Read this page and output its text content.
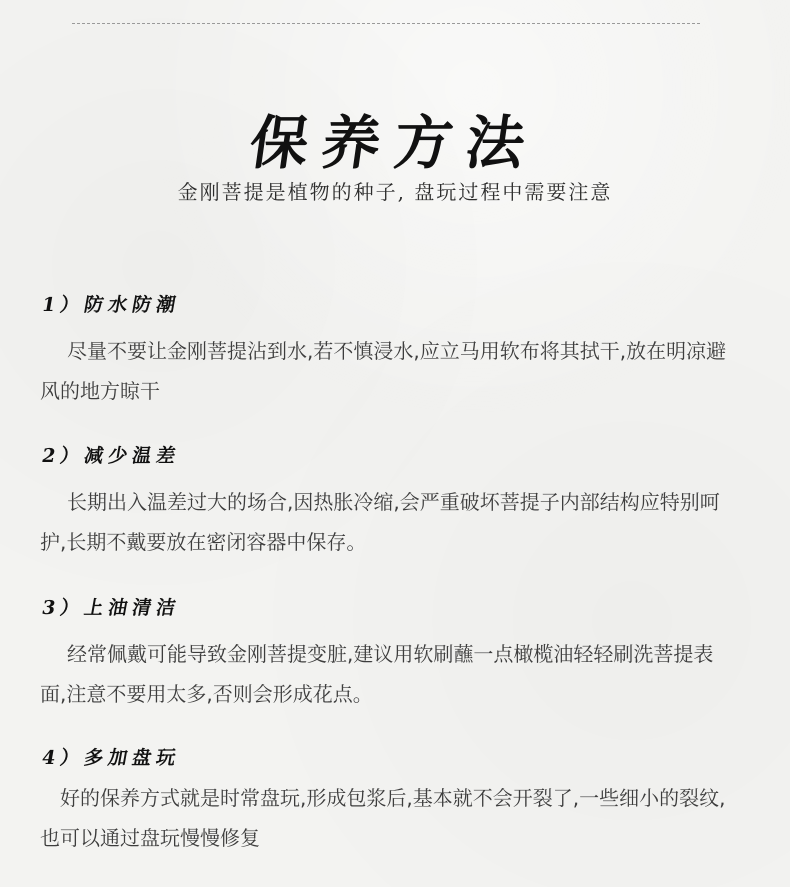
保养方法
金刚菩提是植物的种子, 盘玩过程中需要注意
1）防水防潮
尽量不要让金刚菩提沾到水,若不慎浸水,应立马用软布将其拭干,放在明凉避风的地方晾干
2）减少温差
长期出入温差过大的场合,因热胀冷缩,会严重破坏菩提子内部结构应特别呵护,长期不戴要放在密闭容器中保存。
3）上油清洁
经常佩戴可能导致金刚菩提变脏,建议用软刷蘸一点橄榄油轻轻刷洗菩提表面,注意不要用太多,否则会形成花点。
4）多加盘玩
好的保养方式就是时常盘玩,形成包浆后,基本就不会开裂了,一些细小的裂纹,也可以通过盘玩慢慢修复
